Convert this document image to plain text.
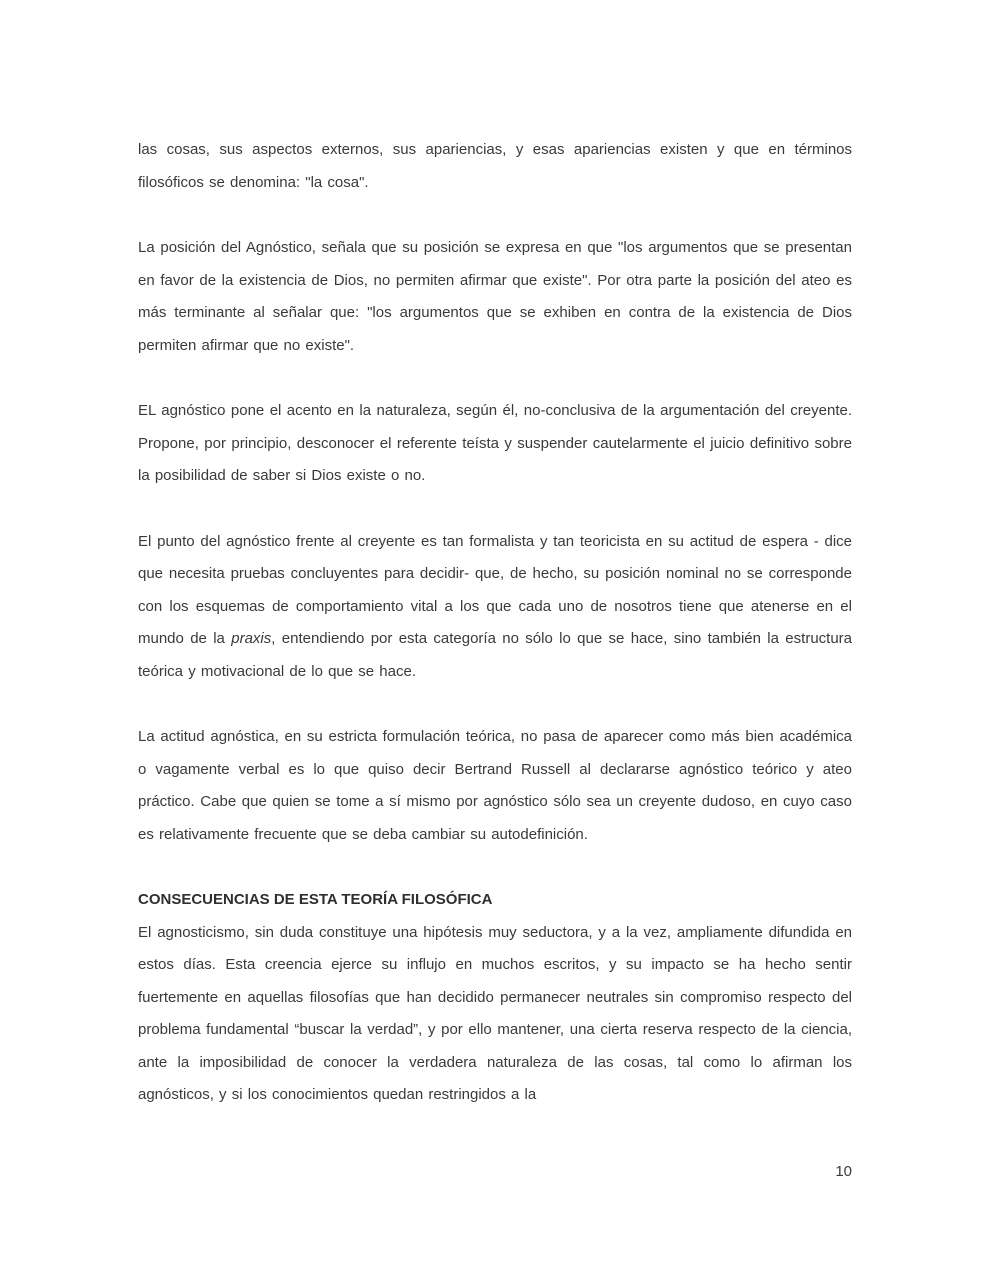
las cosas, sus aspectos externos, sus apariencias, y esas apariencias existen y que en términos filosóficos se denomina: "la cosa".

La posición del Agnóstico, señala que su posición se expresa en que "los argumentos que se presentan en favor de la existencia de Dios, no permiten afirmar que existe". Por otra parte la posición del ateo es más terminante al señalar que: "los argumentos que se exhiben en contra de la existencia de Dios permiten afirmar que no existe".

EL agnóstico pone el acento en la naturaleza, según él, no-conclusiva de la argumentación del creyente. Propone, por principio, desconocer el referente teísta y suspender cautelarmente el juicio definitivo sobre la posibilidad de saber si Dios existe o no.

El punto del agnóstico frente al creyente es tan formalista y tan teoricista en su actitud de espera - dice que necesita pruebas concluyentes para decidir- que, de hecho, su posición nominal no se corresponde con los esquemas de comportamiento vital a los que cada uno de nosotros tiene que atenerse en el mundo de la praxis, entendiendo por esta categoría no sólo lo que se hace, sino también la estructura teórica y motivacional de lo que se hace.

La actitud agnóstica, en su estricta formulación teórica, no pasa de aparecer como más bien académica o vagamente verbal es lo que quiso decir Bertrand Russell al declararse agnóstico teórico y ateo práctico. Cabe que quien se tome a sí mismo por agnóstico sólo sea un creyente dudoso, en cuyo caso es relativamente frecuente que se deba cambiar su autodefinición.

CONSECUENCIAS DE ESTA TEORÍA FILOSÓFICA

El agnosticismo, sin duda constituye una hipótesis muy seductora, y a la vez, ampliamente difundida en estos días. Esta creencia ejerce su influjo en muchos escritos, y su impacto se ha hecho sentir fuertemente en aquellas filosofías que han decidido permanecer neutrales sin compromiso respecto del problema fundamental “buscar la verdad”, y por ello mantener, una cierta reserva respecto de la ciencia, ante la imposibilidad de conocer la verdadera naturaleza de las cosas, tal como lo afirman los agnósticos, y si los conocimientos quedan restringidos a la

10
